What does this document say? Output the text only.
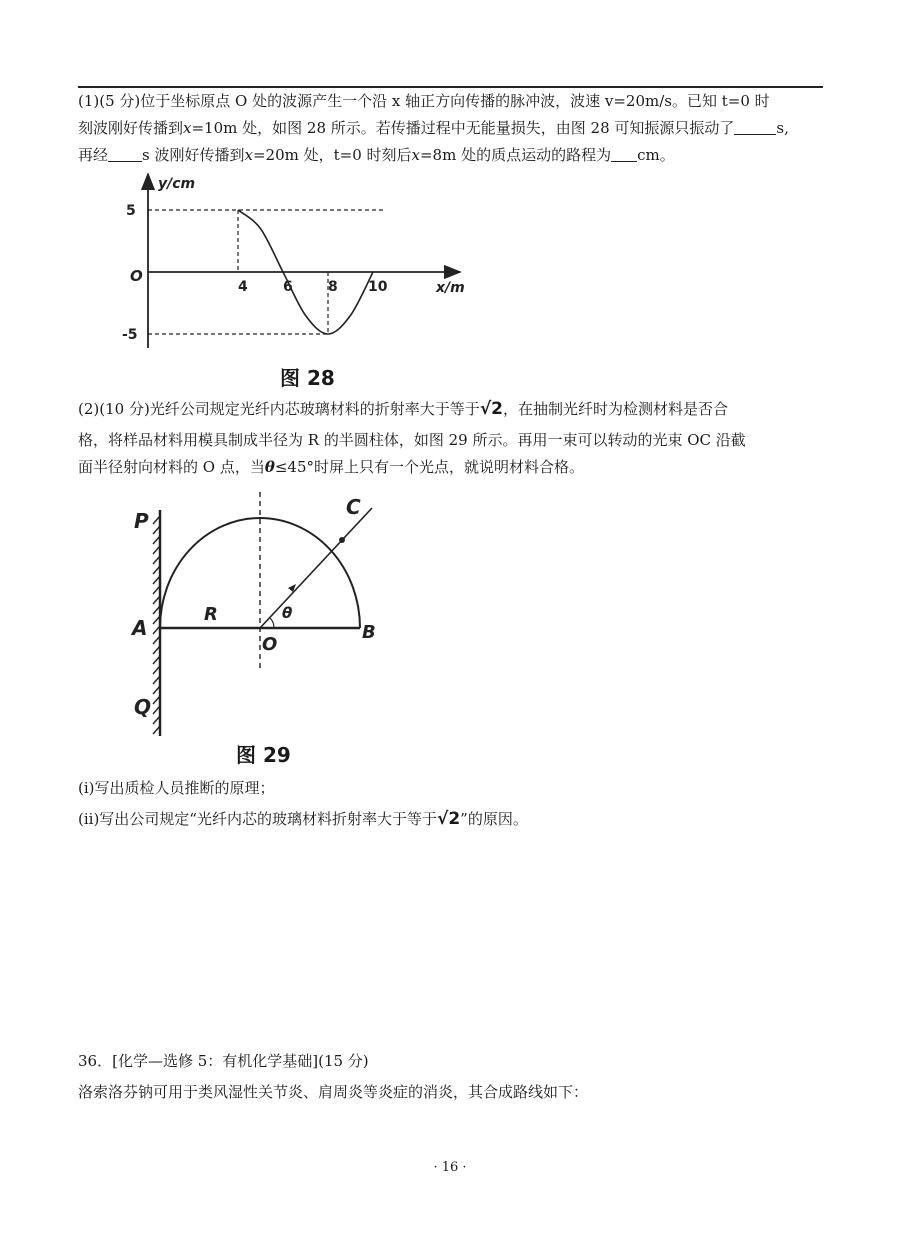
(1)(5 分)位于坐标原点 O 处的波源产生一个沿 x 轴正方向传播的脉冲波，波速 v=20m/s。已知 t=0 时
刻波刚好传播到x=10m 处，如图 28 所示。若传播过程中无能量损失，由图 28 可知振源只振动了	s,
再经 s 波刚好传播到x=20m 处，t=0 时刻后x=8m 处的质点运动的路程为 cm。
5
-5
4	6	8 10
y/cm
x/m
O
图 28
(2)(10 分)光纤公司规定光纤内芯玻璃材料的折射率大于等于√2，在抽制光纤时为检测材料是否合
格，将样品材料用模具制成半径为 R 的半圆柱体，如图 29 所示。再用一束可以转动的光束 OC 沿截
面半径射向材料的 O 点，当θ≤45°时屏上只有一个光点，就说明材料合格。
P
A
Q
R
O
B
C
θ
图 29
(i)写出质检人员推断的原理；
(ii)写出公司规定“光纤内芯的玻璃材料折射率大于等于√2”的原因。
36．[化学—选修 5：有机化学基础](15 分)
洛索洛芬钠可用于类风湿性关节炎、肩周炎等炎症的消炎，其合成路线如下：
· 16 ·
